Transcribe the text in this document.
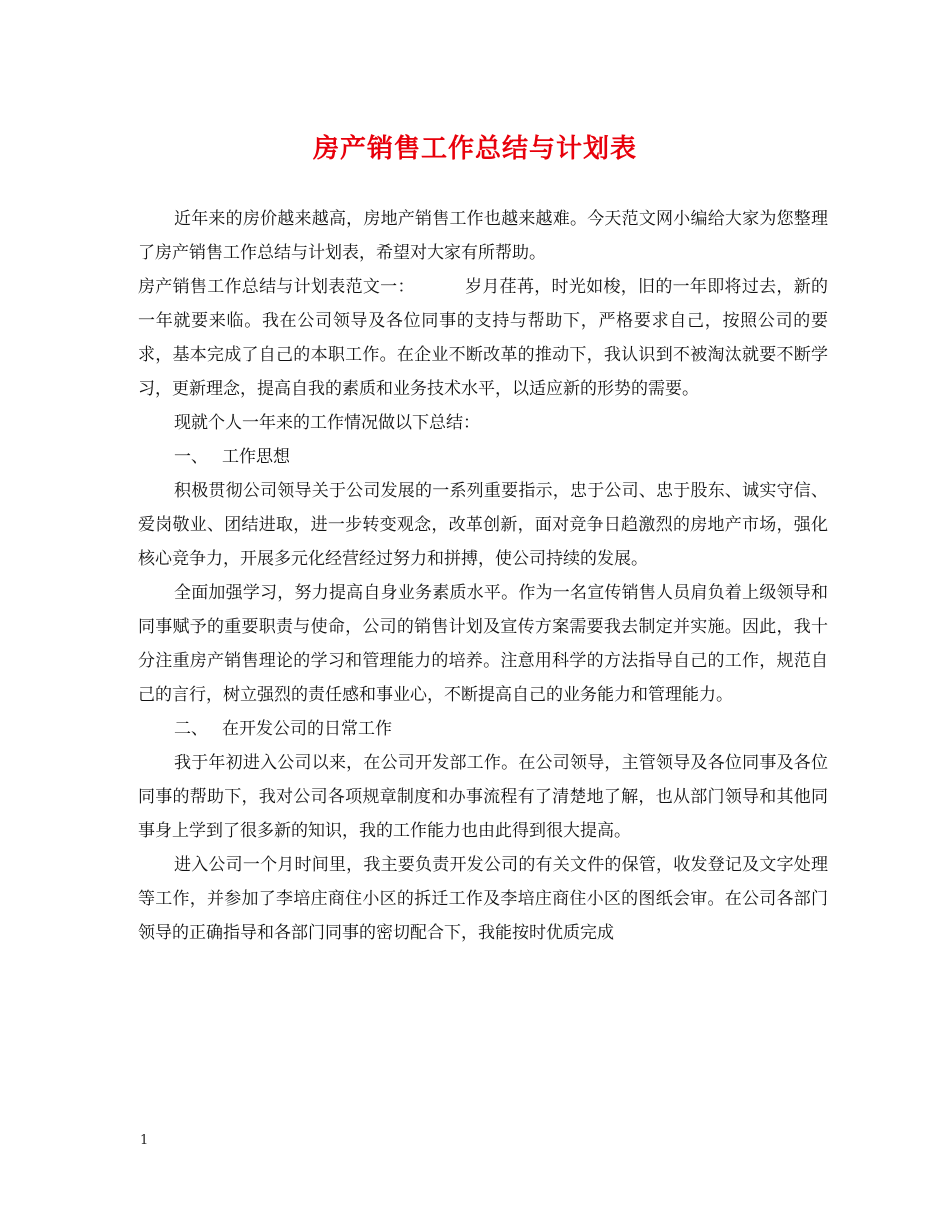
房产销售工作总结与计划表

近年来的房价越来越高，房地产销售工作也越来越难。今天范文网小编给大家为您整理了房产销售工作总结与计划表，希望对大家有所帮助。

房产销售工作总结与计划表范文一：	岁月荏苒，时光如梭，旧的一年即将过去，新的一年就要来临。我在公司领导及各位同事的支持与帮助下，严格要求自己，按照公司的要求，基本完成了自己的本职工作。在企业不断改革的推动下，我认识到不被淘汰就要不断学习，更新理念，提高自我的素质和业务技术水平，以适应新的形势的需要。

现就个人一年来的工作情况做以下总结：

一、 工作思想

积极贯彻公司领导关于公司发展的一系列重要指示，忠于公司、忠于股东、诚实守信、爱岗敬业、团结进取，进一步转变观念，改革创新，面对竞争日趋激烈的房地产市场，强化核心竞争力，开展多元化经营经过努力和拼搏，使公司持续的发展。

全面加强学习，努力提高自身业务素质水平。作为一名宣传销售人员肩负着上级领导和同事赋予的重要职责与使命，公司的销售计划及宣传方案需要我去制定并实施。因此，我十分注重房产销售理论的学习和管理能力的培养。注意用科学的方法指导自己的工作，规范自己的言行，树立强烈的责任感和事业心，不断提高自己的业务能力和管理能力。

二、 在开发公司的日常工作

我于年初进入公司以来，在公司开发部工作。在公司领导，主管领导及各位同事及各位同事的帮助下，我对公司各项规章制度和办事流程有了清楚地了解，也从部门领导和其他同事身上学到了很多新的知识，我的工作能力也由此得到很大提高。

进入公司一个月时间里，我主要负责开发公司的有关文件的保管，收发登记及文字处理等工作，并参加了李培庄商住小区的拆迁工作及李培庄商住小区的图纸会审。在公司各部门领导的正确指导和各部门同事的密切配合下，我能按时优质完成

1
